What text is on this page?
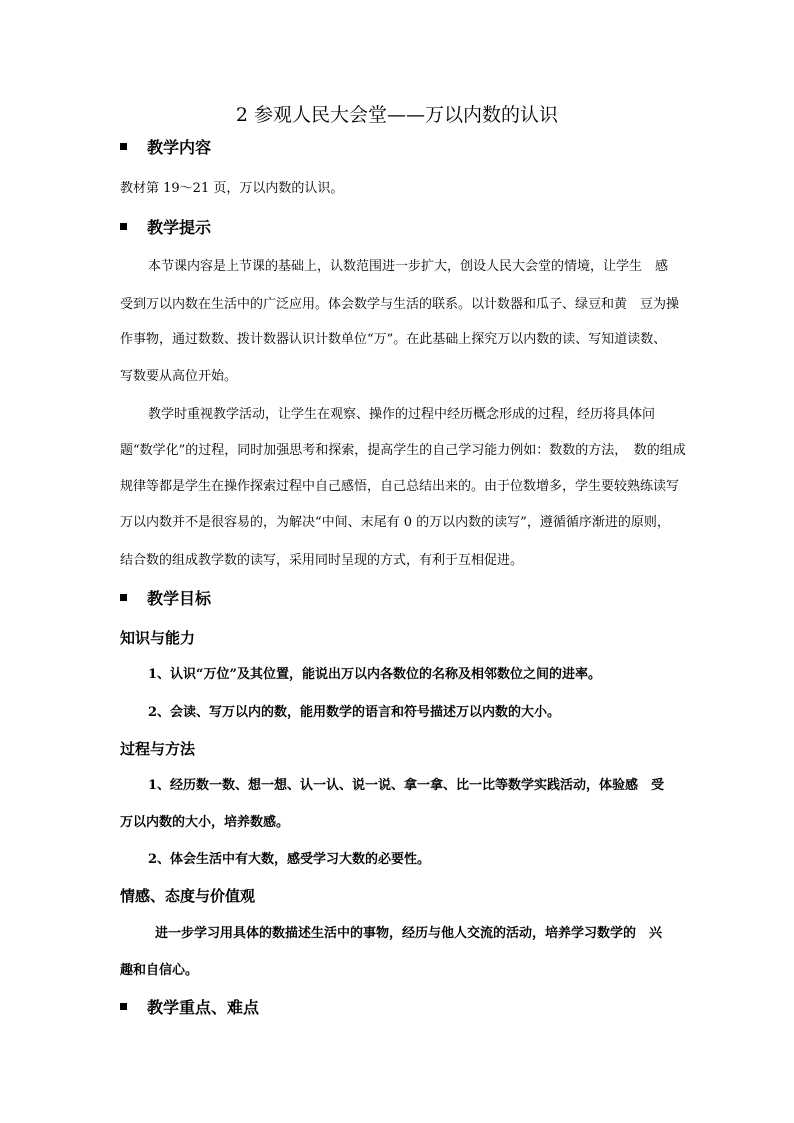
2 参观人民大会堂——万以内数的认识
教学内容
教材第 19～21 页，万以内数的认识。
教学提示
本节课内容是上节课的基础上，认数范围进一步扩大，创设人民大会堂的情境，让学生　感
受到万以内数在生活中的广泛应用。体会数学与生活的联系。以计数器和瓜子、绿豆和黄　豆为操
作事物，通过数数、拨计数器认识计数单位“万”。在此基础上探究万以内数的读、写知道读数、
写数要从高位开始。
教学时重视教学活动，让学生在观察、操作的过程中经历概念形成的过程，经历将具体问
题“数学化”的过程，同时加强思考和探索，提高学生的自己学习能力例如：数数的方法，　数的组成
规律等都是学生在操作探索过程中自己感悟，自己总结出来的。由于位数增多，学生要较熟练读写
万以内数并不是很容易的，为解决“中间、末尾有 0 的万以内数的读写”，遵循循序渐进的原则，
结合数的组成教学数的读写，采用同时呈现的方式，有利于互相促进。
教学目标
知识与能力
1、认识“万位”及其位置，能说出万以内各数位的名称及相邻数位之间的进率。
2、会读、写万以内的数，能用数学的语言和符号描述万以内数的大小。
过程与方法
1、经历数一数、想一想、认一认、说一说、拿一拿、比一比等数学实践活动，体验感　受
万以内数的大小，培养数感。
2、体会生活中有大数，感受学习大数的必要性。
情感、态度与价值观
进一步学习用具体的数描述生活中的事物，经历与他人交流的活动，培养学习数学的　兴
趣和自信心。
教学重点、难点
